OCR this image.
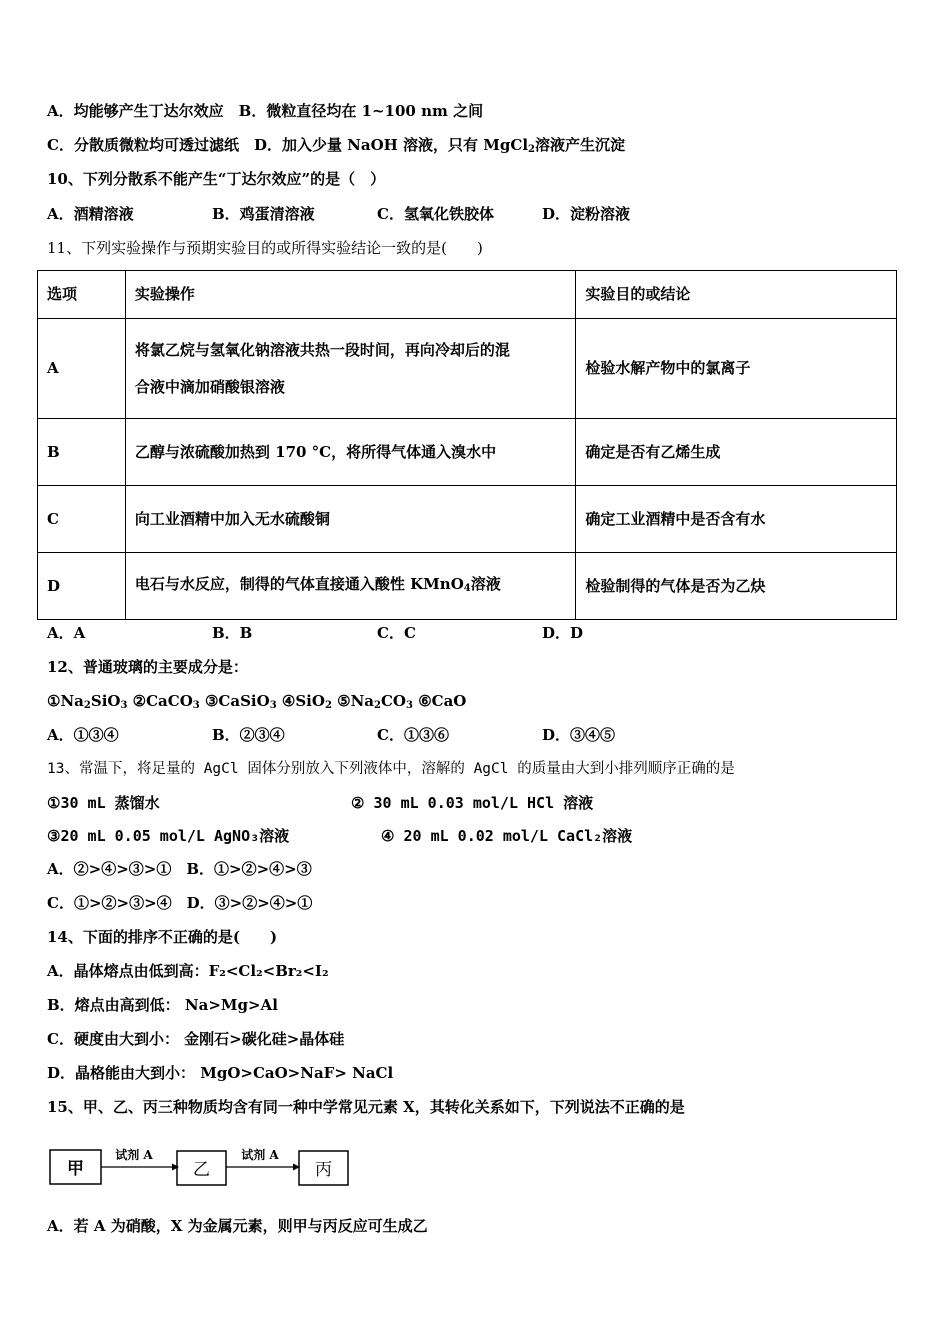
A．均能够产生丁达尔效应　B．微粒直径均在 1~100 nm 之间
C．分散质微粒均可透过滤纸　D．加入少量 NaOH 溶液，只有 MgCl$_2$溶液产生沉淀
10、下列分散系不能产生“丁达尔效应”的是（　）
A．酒精溶液	B．鸡蛋清溶液	C．氢氧化铁胶体	D．淀粉溶液
11、下列实验操作与预期实验目的或所得实验结论一致的是(　　)
选项	实验操作	实验目的或结论
A	将氯乙烷与氢氧化钠溶液共热一段时间，再向冷却后的混
合液中滴加硝酸银溶液	检验水解产物中的氯离子
B	乙醇与浓硫酸加热到 170 °C，将所得气体通入溴水中	确定是否有乙烯生成
C	向工业酒精中加入无水硫酸铜	确定工业酒精中是否含有水
D	电石与水反应，制得的气体直接通入酸性 KMnO$_4$溶液	检验制得的气体是否为乙炔
A．A	B．B	C．C	D．D
12、普通玻璃的主要成分是：
$①Na_2SiO_3$ ②CaCO$_3$ ③CaSiO$_3$ ④SiO$_2$ $⑤Na_2CO_3$ ⑥CaO
A．①③④	B．②③④	C．①③⑥	D．③④⑤
13、常温下，将足量的 AgCl 固体分别放入下列液体中，溶解的 AgCl 的质量由大到小排列顺序正确的是
①30 mL 蒸馏水	② 30 mL 0.03 mol/L HCl 溶液
③20 mL 0.05 mol/L AgNO₃溶液	④ 20 mL 0.02 mol/L CaCl₂溶液
A．②>④>③>①　B．①>②>④>③
C．①>②>③>④　D．③>②>④>①
14、下面的排序不正确的是(　　)
A．晶体熔点由低到高：F₂<Cl₂<Br₂<I₂
B．熔点由高到低： Na>Mg>Al
C．硬度由大到小： 金刚石>碳化硅>晶体硅
D．晶格能由大到小： MgO>CaO>NaF> NaCl
15、甲、乙、丙三种物质均含有同一种中学常见元素 X，其转化关系如下，下列说法不正确的是
甲
试剂 A
乙
试剂 A
丙
A．若 A 为硝酸，X 为金属元素，则甲与丙反应可生成乙
